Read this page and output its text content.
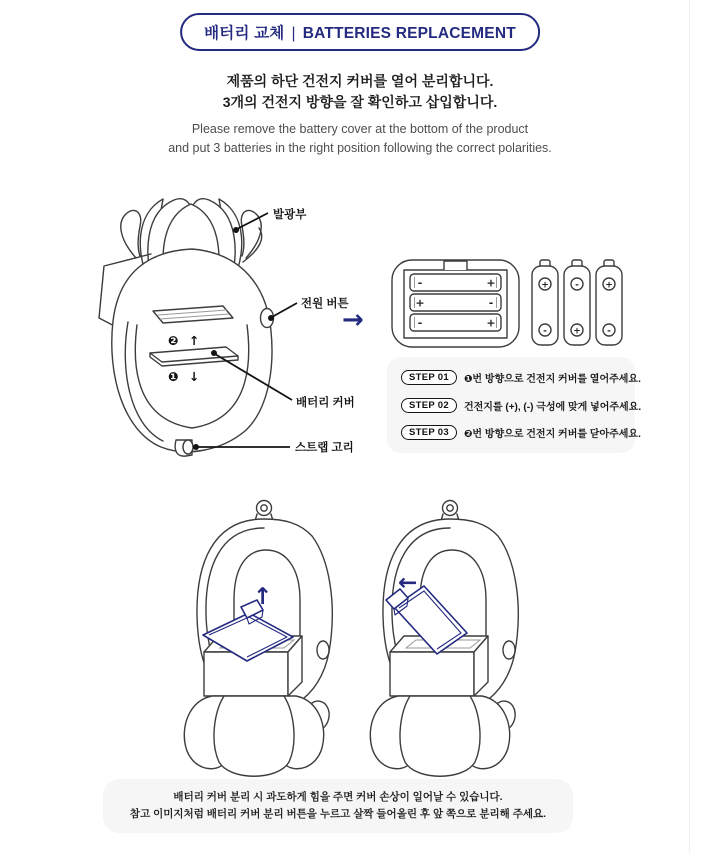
배터리 교체 | BATTERIES REPLACEMENT
제품의 하단 건전지 커버를 열어 분리합니다.
3개의 건전지 방향을 잘 확인하고 삽입합니다.
Please remove the battery cover at the bottom of the product
and put 3 batteries in the right position following the correct polarities.
❷ ↑
❶ ↓
발광부
전원 버튼
배터리 커버
스트랩 고리
→
-	+
+	-
-	+
+
-
-
+
+
-
↑
←
STEP 01	❶번 방향으로 건전지 커버를 열어주세요.
STEP 02	건전지를 (+), (-) 극성에 맞게 넣어주세요.
STEP 03	❷번 방향으로 건전지 커버를 닫아주세요.
배터리 커버 분리 시 과도하게 힘을 주면 커버 손상이 일어날 수 있습니다.
참고 이미지처럼 배터리 커버 분리 버튼을 누르고 살짝 들어올린 후 앞 쪽으로 분리해 주세요.
